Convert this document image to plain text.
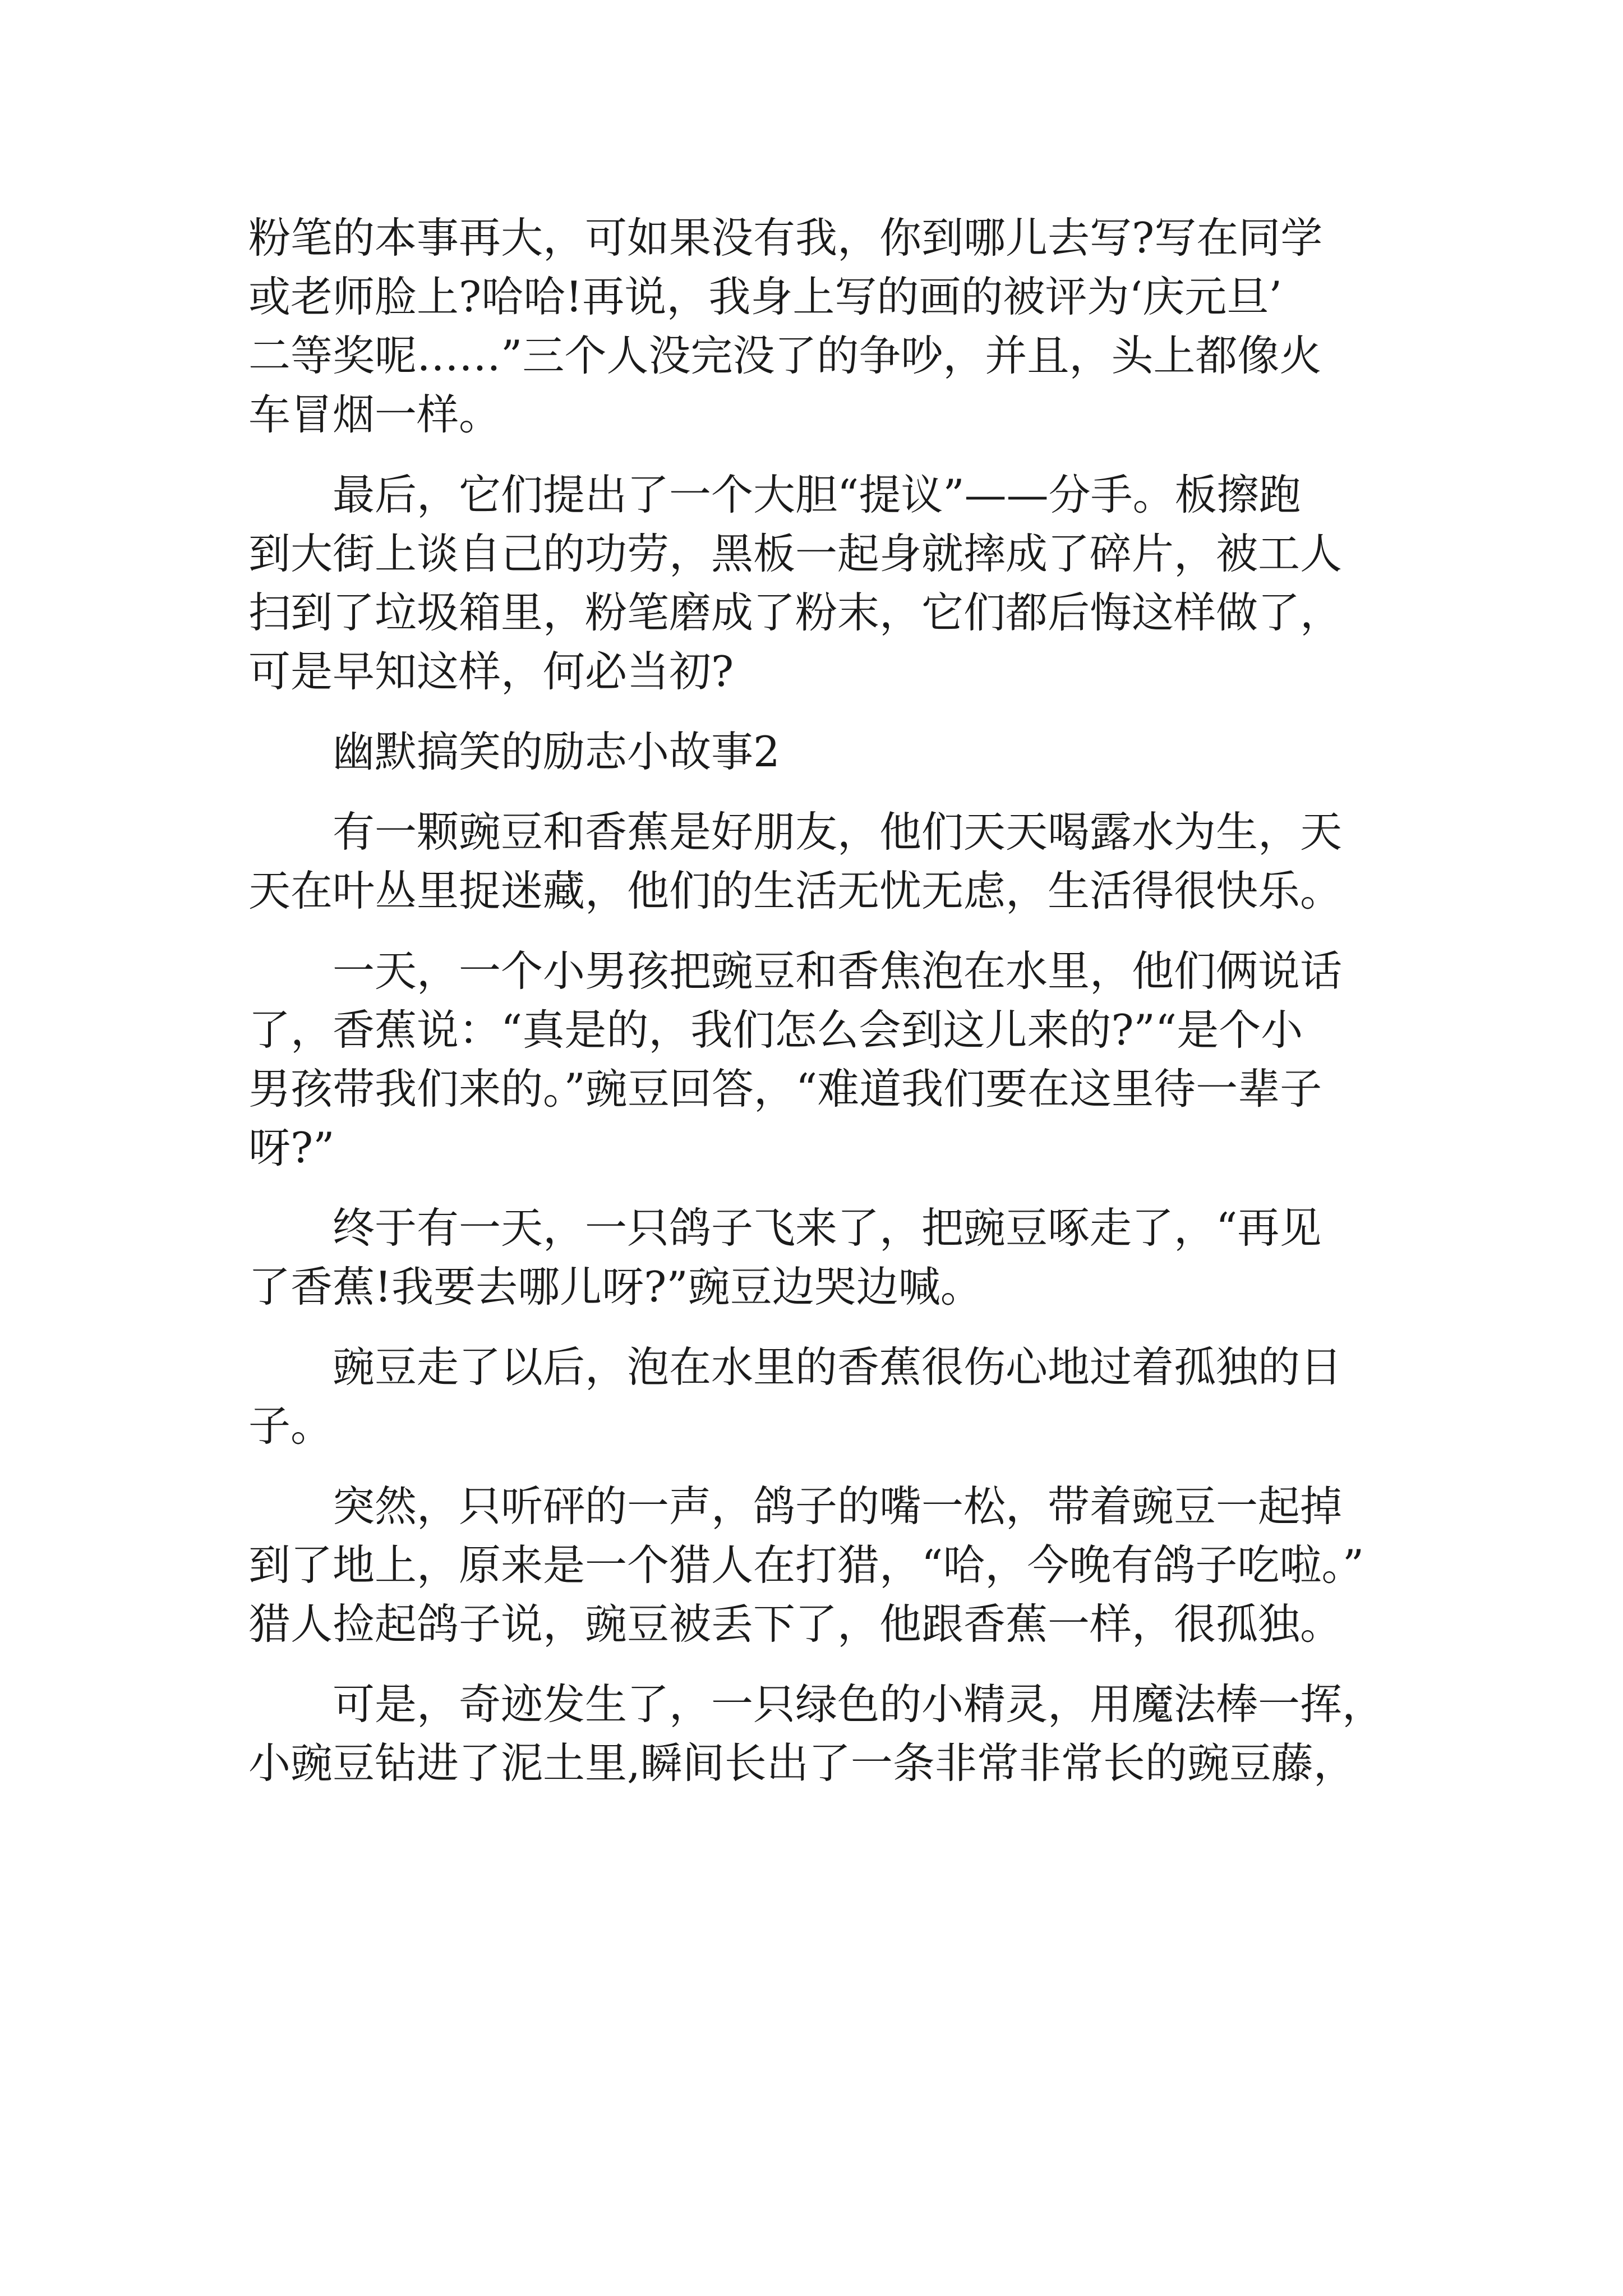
粉笔的本事再大，可如果没有我，你到哪儿去写?写在同学
或老师脸上?哈哈!再说，我身上写的画的被评为‘庆元旦’
二等奖呢……”三个人没完没了的争吵，并且，头上都像火
车冒烟一样。
最后，它们提出了一个大胆“提议”——分手。板擦跑
到大街上谈自己的功劳，黑板一起身就摔成了碎片，被工人
扫到了垃圾箱里，粉笔磨成了粉末，它们都后悔这样做了，
可是早知这样，何必当初?
幽默搞笑的励志小故事2
有一颗豌豆和香蕉是好朋友，他们天天喝露水为生，天
天在叶丛里捉迷藏，他们的生活无忧无虑，生活得很快乐。
一天，一个小男孩把豌豆和香焦泡在水里，他们俩说话
了，香蕉说：“真是的，我们怎么会到这儿来的?”“是个小
男孩带我们来的。”豌豆回答，“难道我们要在这里待一辈子
呀?”
终于有一天，一只鸽子飞来了，把豌豆啄走了，“再见
了香蕉!我要去哪儿呀?”豌豆边哭边喊。
豌豆走了以后，泡在水里的香蕉很伤心地过着孤独的日
子。
突然，只听砰的一声，鸽子的嘴一松，带着豌豆一起掉
到了地上，原来是一个猎人在打猎，“哈，今晚有鸽子吃啦。”
猎人捡起鸽子说，豌豆被丢下了，他跟香蕉一样，很孤独。
可是，奇迹发生了，一只绿色的小精灵，用魔法棒一挥，
小豌豆钻进了泥土里,瞬间长出了一条非常非常长的豌豆藤，
